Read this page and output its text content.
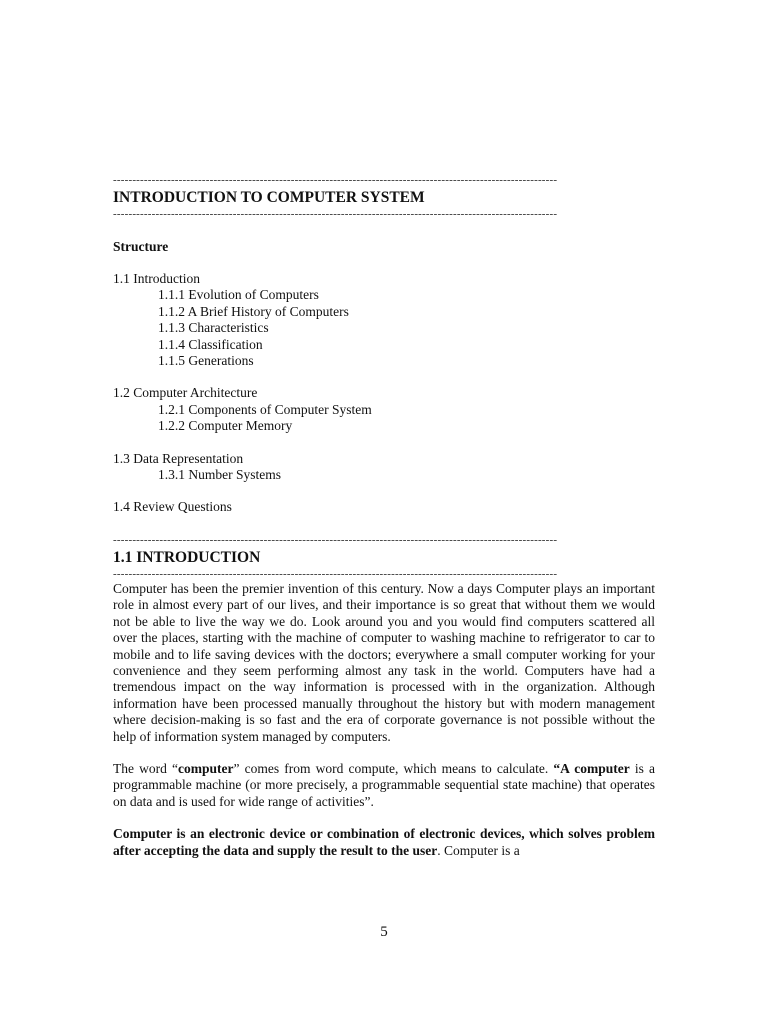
-------------------------------------------------------------------------------------------------------------------
INTRODUCTION TO COMPUTER SYSTEM
-------------------------------------------------------------------------------------------------------------------
Structure
1.1 Introduction
1.1.1 Evolution of Computers
1.1.2 A Brief History of Computers
1.1.3 Characteristics
1.1.4 Classification
1.1.5 Generations
1.2 Computer Architecture
1.2.1 Components of Computer System
1.2.2 Computer Memory
1.3 Data Representation
1.3.1 Number Systems
1.4 Review Questions
-------------------------------------------------------------------------------------------------------------------
1.1 INTRODUCTION
-------------------------------------------------------------------------------------------------------------------

Computer has been the premier invention of this century. Now a days Computer plays an important role in almost every part of our lives, and their importance is so great that without them we would not be able to live the way we do. Look around you and you would find computers scattered all over the places, starting with the machine of computer to washing machine to refrigerator to car to mobile and to life saving devices with the doctors; everywhere a small computer working for your convenience and they seem performing almost any task in the world. Computers have had a tremendous impact on the way information is processed with in the organization. Although information have been processed manually throughout the history but with modern management where decision-making is so fast and the era of corporate governance is not possible without the help of information system managed by computers.

The word “computer” comes from word compute, which means to calculate. “A computer is a programmable machine (or more precisely, a programmable sequential state machine) that operates on data and is used for wide range of activities”.

Computer is an electronic device or combination of electronic devices, which solves problem after accepting the data and supply the result to the user. Computer is a

5
